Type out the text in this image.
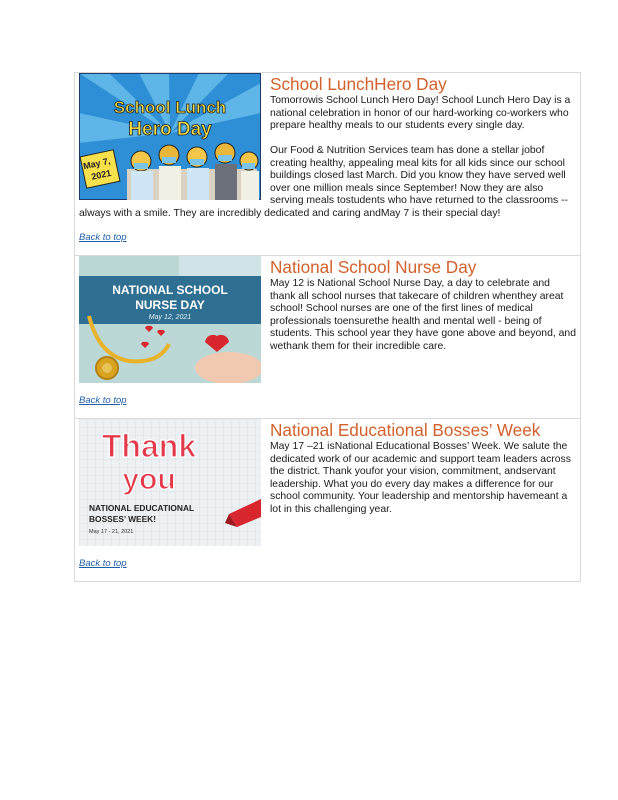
School Lunch
Hero Day
May 7,
2021
School LunchHero Day

Tomorrowis School Lunch Hero Day! School Lunch Hero Day is a national celebration in honor of our hard-working co-workers who prepare healthy meals to our students every single day.

Our Food & Nutrition Services team has done a stellar jobof creating healthy, appealing meal kits for all kids since our school buildings closed last March. Did you know they have served well over one million meals since September! Now they are also serving meals tostudents who have returned to the classrooms -- always with a smile. They are incredibly dedicated and caring andMay 7 is their special day!

Back to top
NATIONAL SCHOOL
NURSE DAY
May 12, 2021
National School Nurse Day

May 12 is National School Nurse Day, a day to celebrate and thank all school nurses that takecare of children whenthey areat school! School nurses are one of the first lines of medical professionals toensurethe health and mental well - being of students. This school year they have gone above and beyond, and wethank them for their incredible care.

Back to top
Thank
you
NATIONAL EDUCATIONAL
BOSSES’ WEEK!
May 17 - 21, 2021
National Educational Bosses’ Week

May 17 –21 isNational Educational Bosses’ Week. We salute the dedicated work of our academic and support team leaders across the district. Thank youfor your vision, commitment, andservant leadership. What you do every day makes a difference for our school community. Your leadership and mentorship havemeant a lot in this challenging year.

Back to top
